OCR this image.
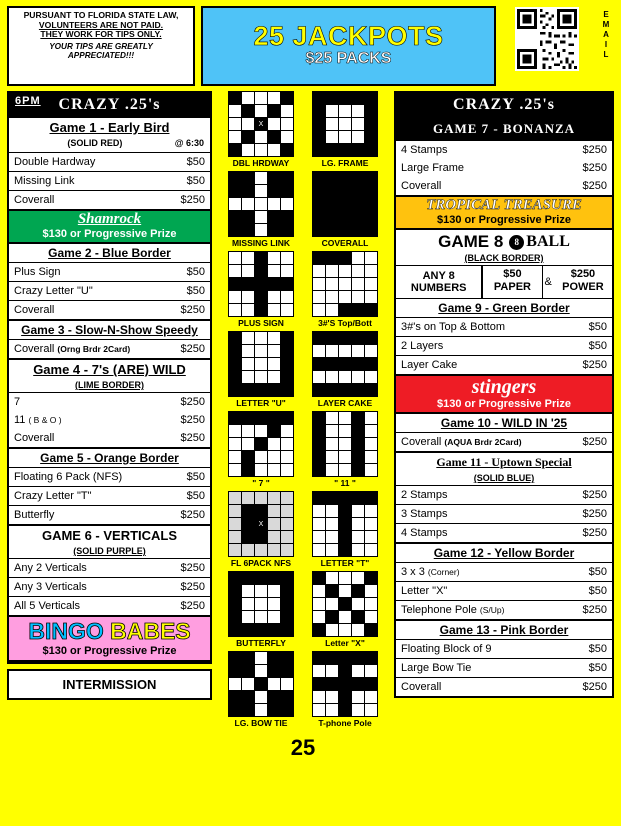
PURSUANT TO FLORIDA STATE LAW,
VOLUNTEERS ARE NOT PAID.
THEY WORK FOR TIPS ONLY.
YOUR TIPS ARE GREATLY
APPRECIATED!!!
25 JACKPOTS
$25 PACKS
E
M
A
I
L
6PM CRAZY .25's
Game 1 - Early Bird
(SOLID RED)	@ 6:30
Double Hardway	$50
Missing Link	$50
Coverall	$250
Shamrock
$130 or Progressive Prize
Game 2 - Blue Border
Plus Sign	$50
Crazy Letter "U"	$50
Coverall	$250
Game 3 - Slow-N-Show Speedy
Coverall (Orng Brdr 2Card)	$250
Game 4 - 7's (ARE) WILD
(LIME BORDER)
7	$250
11 ( B & O )	$250
Coverall	$250
Game 5 - Orange Border
Floating 6 Pack (NFS)	$50
Crazy Letter "T"	$50
Butterfly	$250
GAME 6 - VERTICALS
(SOLID PURPLE)
Any 2 Verticals	$250
Any 3 Verticals	$250
All 5 Verticals	$250
BINGO BABES
$130 or Progressive Prize
INTERMISSION

		X		

DBL HRDWAY

					LG. FRAME

MISSING LINK

					COVERALL

PLUS SIGN

					3#'S Top/Bott

LETTER "U"

					LAYER CAKE

" 7 "

					" 11 "

		X		

FL 6PACK NFS

					LETTER "T"

BUTTERFLY

					Letter "X"

LG. BOW TIE

					T-phone Pole
25
CRAZY .25's
GAME 7 - BONANZA
4 Stamps	$250
Large Frame	$250
Coverall	$250
TROPICAL TREASURE
$130 or Progressive Prize
GAME 8	8 BALL
(BLACK BORDER)
ANY 8 NUMBERS
$50
PAPER	&
$250
POWER
Game 9 - Green Border
3#'s on Top & Bottom	$50
2 Layers	$50
Layer Cake	$250
stingers
$130 or Progressive Prize
Game 10 - WILD IN '25
Coverall (AQUA Brdr 2Card)	$250
Game 11 - Uptown Special
(SOLID BLUE)
2 Stamps	$250
3 Stamps	$250
4 Stamps	$250
Game 12 - Yellow Border
3 x 3 (Corner)	$50
Letter "X"	$50
Telephone Pole (S/Up)	$250
Game 13 - Pink Border
Floating Block of 9	$50
Large Bow Tie	$50
Coverall	$250
